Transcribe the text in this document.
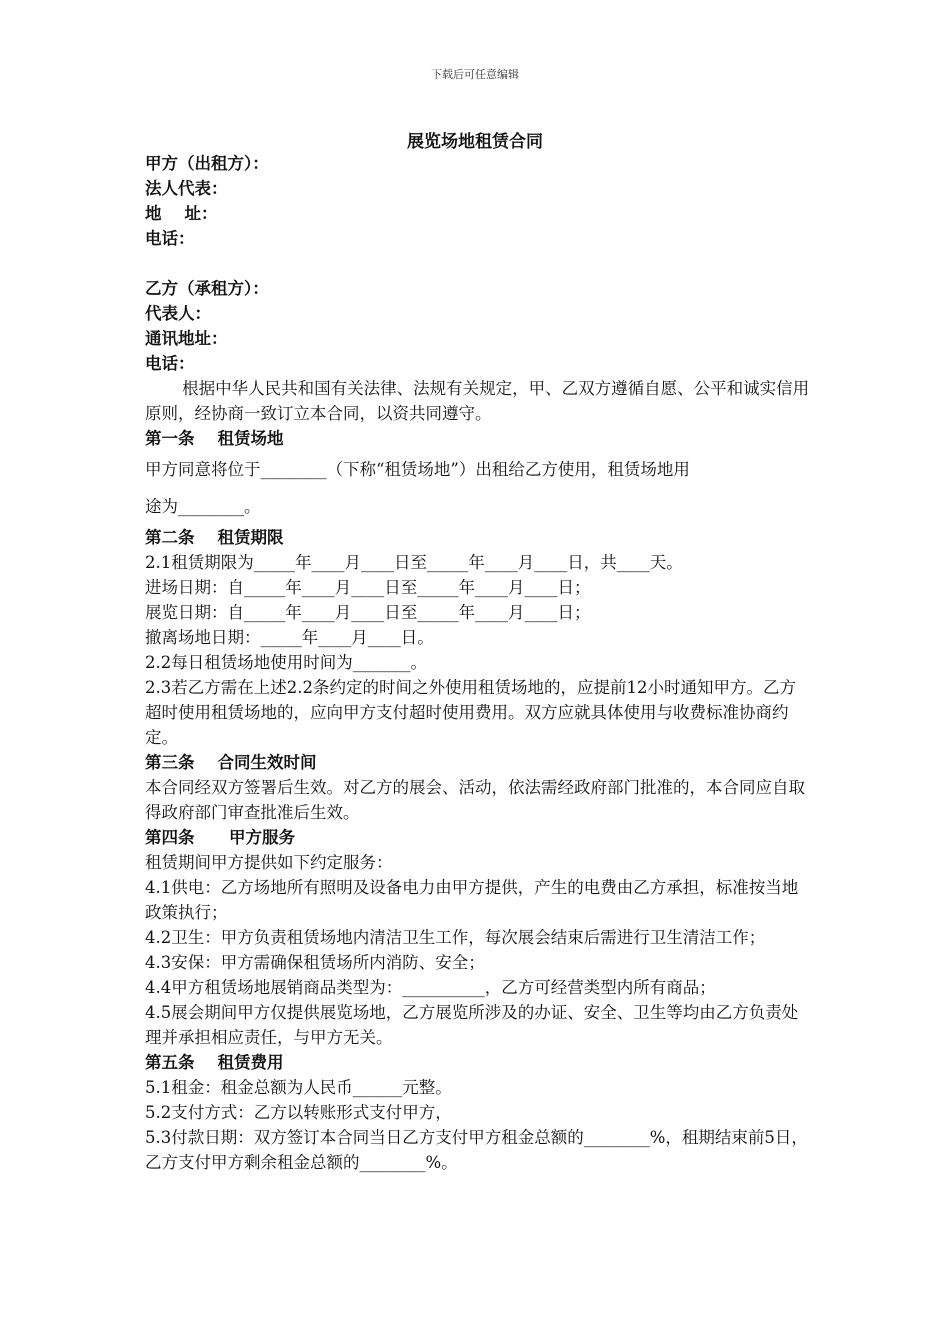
下载后可任意编辑
展览场地租赁合同

甲方（出租方）：

法人代表：

地    址：

电话：

乙方（承租方）：

代表人：

通讯地址：

电话：

根据中华人民共和国有关法律、法规有关规定，甲、乙双方遵循自愿、公平和诚实信用原则，经协商一致订立本合同，以资共同遵守。

第一条    租赁场地

甲方同意将位于________（下称“租赁场地”）出租给乙方使用，租赁场地用

途为________。

第二条    租赁期限

2.1租赁期限为_____年____月____日至_____年____月____日，共____天。

进场日期：自_____年____月____日至_____年____月____日；

展览日期：自_____年____月____日至_____年____月____日；

撤离场地日期：_____年____月____日。

2.2每日租赁场地使用时间为_______。

2.3若乙方需在上述2.2条约定的时间之外使用租赁场地的，应提前12小时通知甲方。乙方超时使用租赁场地的，应向甲方支付超时使用费用。双方应就具体使用与收费标准协商约定。

第三条    合同生效时间

本合同经双方签署后生效。对乙方的展会、活动，依法需经政府部门批准的，本合同应自取得政府部门审查批准后生效。

第四条      甲方服务

租赁期间甲方提供如下约定服务：

4.1供电：乙方场地所有照明及设备电力由甲方提供，产生的电费由乙方承担，标准按当地政策执行；

4.2卫生：甲方负责租赁场地内清洁卫生工作，每次展会结束后需进行卫生清洁工作；

4.3安保：甲方需确保租赁场所内消防、安全；

4.4甲方租赁场地展销商品类型为：__________，乙方可经营类型内所有商品；

4.5展会期间甲方仅提供展览场地，乙方展览所涉及的办证、安全、卫生等均由乙方负责处理并承担相应责任，与甲方无关。

第五条    租赁费用

5.1租金：租金总额为人民币______元整。

5.2支付方式：乙方以转账形式支付甲方，

5.3付款日期：双方签订本合同当日乙方支付甲方租金总额的________%，租期结束前5日，乙方支付甲方剩余租金总额的________%。
